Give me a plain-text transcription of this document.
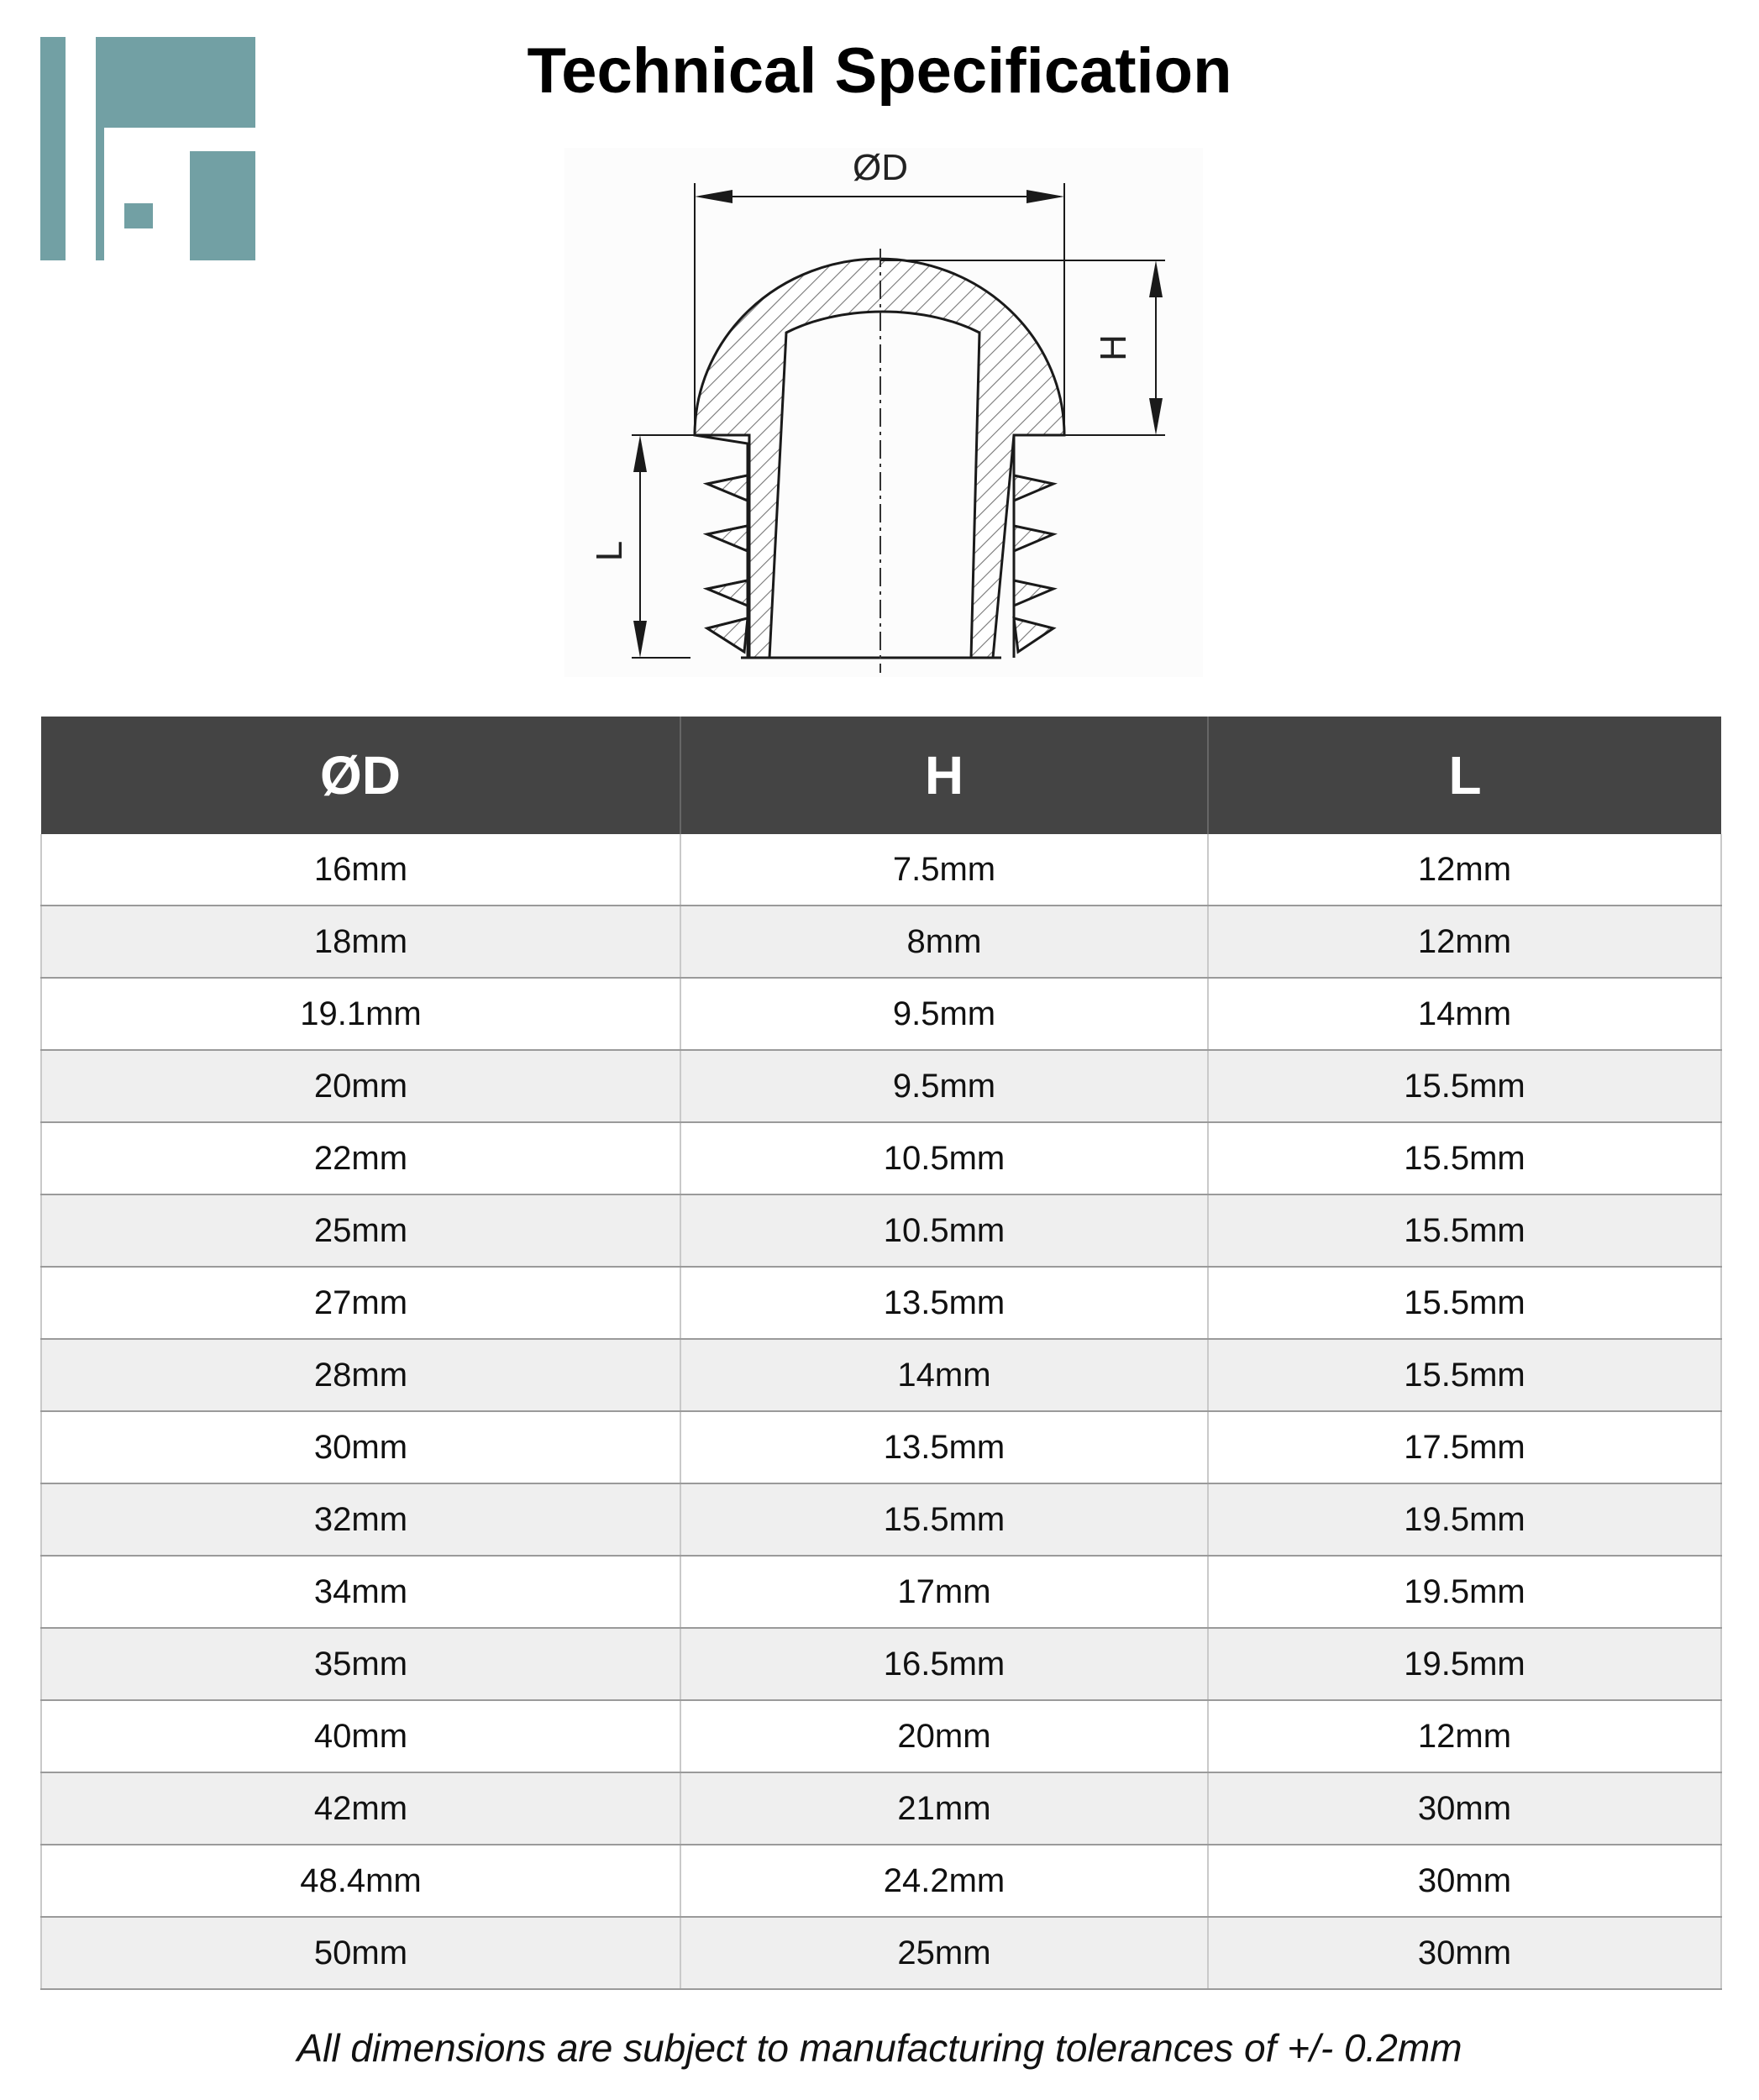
Technical Specification
ØD
H
L
ØD	H	L
16mm	7.5mm	12mm
18mm	8mm	12mm
19.1mm	9.5mm	14mm
20mm	9.5mm	15.5mm
22mm	10.5mm	15.5mm
25mm	10.5mm	15.5mm
27mm	13.5mm	15.5mm
28mm	14mm	15.5mm
30mm	13.5mm	17.5mm
32mm	15.5mm	19.5mm
34mm	17mm	19.5mm
35mm	16.5mm	19.5mm
40mm	20mm	12mm
42mm	21mm	30mm
48.4mm	24.2mm	30mm
50mm	25mm	30mm
All dimensions are subject to manufacturing tolerances of +/- 0.2mm
